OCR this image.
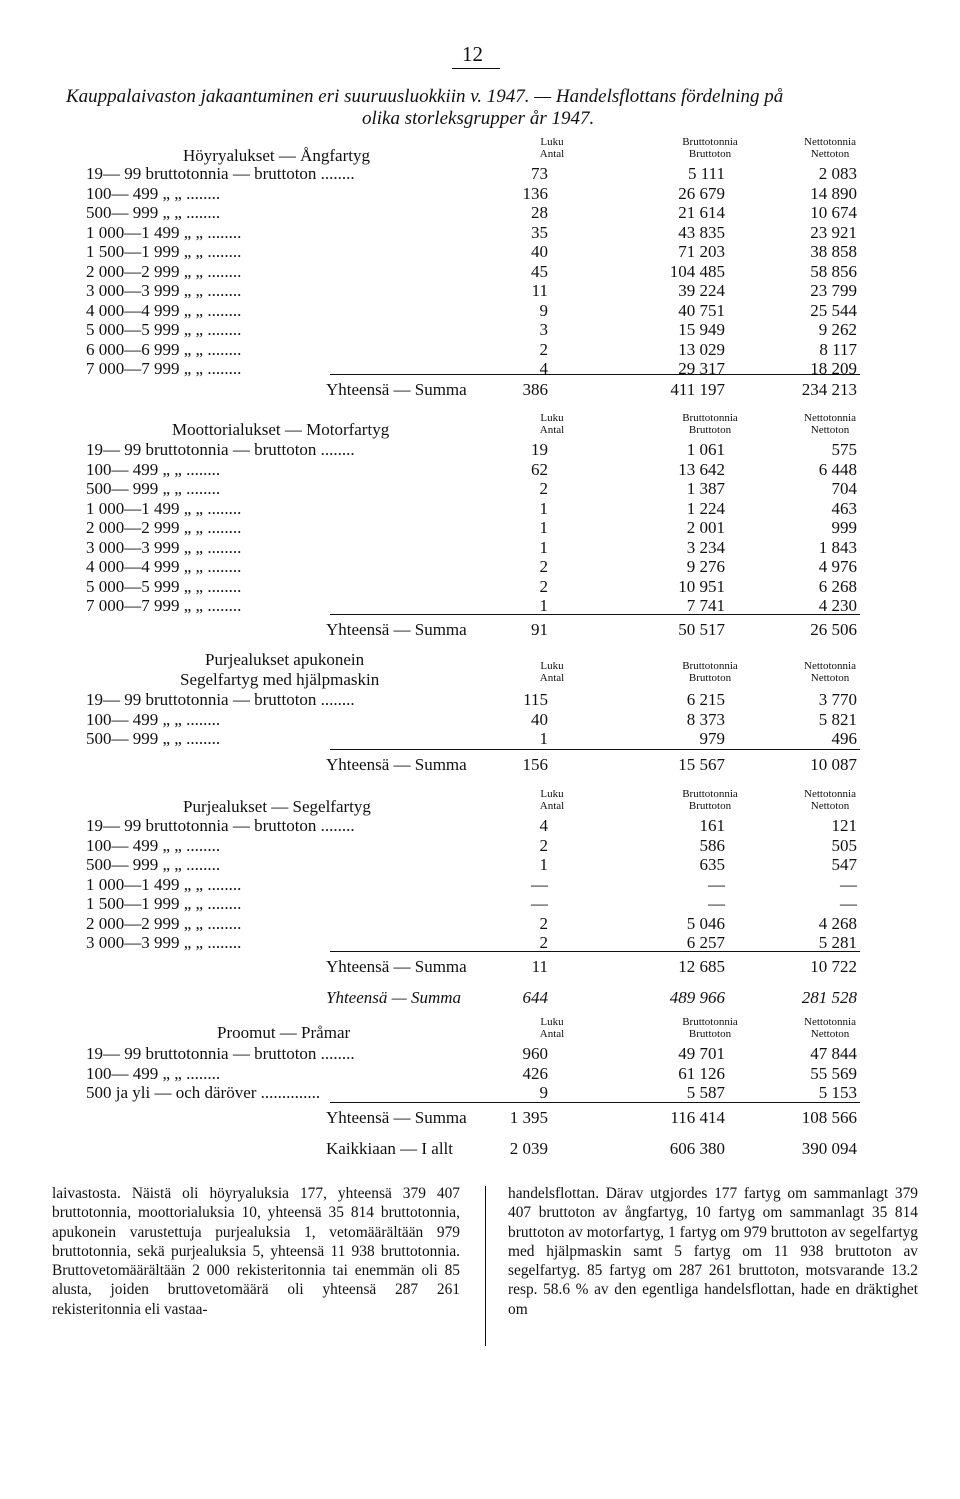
12
Kauppalaivaston jakaantuminen eri suuruusluokkiin v. 1947. — Handelsflottans fördelning på
olika storleksgrupper år 1947.
Luku
Antal
Bruttotonnia
Bruttoton
Nettotonnia
Nettoton
Höyryalukset — Ångfartyg
19— 99 bruttotonnia — bruttoton ........	73	5 111	2 083
100— 499 „ „ ........	136	26 679	14 890
500— 999 „ „ ........	28	21 614	10 674
1 000—1 499 „ „ ........	35	43 835	23 921
1 500—1 999 „ „ ........	40	71 203	38 858
2 000—2 999 „ „ ........	45	104 485	58 856
3 000—3 999 „ „ ........	11	39 224	23 799
4 000—4 999 „ „ ........	9	40 751	25 544
5 000—5 999 „ „ ........	3	15 949	9 262
6 000—6 999 „ „ ........	2	13 029	8 117
7 000—7 999 „ „ ........	4	29 317	18 209
Yhteensä — Summa	386	411 197	234 213
Luku
Antal
Bruttotonnia
Bruttoton
Nettotonnia
Nettoton
Moottorialukset — Motorfartyg
19— 99 bruttotonnia — bruttoton ........	19	1 061	575
100— 499 „ „ ........	62	13 642	6 448
500— 999 „ „ ........	2	1 387	704
1 000—1 499 „ „ ........	1	1 224	463
2 000—2 999 „ „ ........	1	2 001	999
3 000—3 999 „ „ ........	1	3 234	1 843
4 000—4 999 „ „ ........	2	9 276	4 976
5 000—5 999 „ „ ........	2	10 951	6 268
7 000—7 999 „ „ ........	1	7 741	4 230
Yhteensä — Summa	91	50 517	26 506
Luku
Antal
Bruttotonnia
Bruttoton
Nettotonnia
Nettoton
Purjealukset apukonein
Segelfartyg med hjälpmaskin
19— 99 bruttotonnia — bruttoton ........	115	6 215	3 770
100— 499 „ „ ........	40	8 373	5 821
500— 999 „ „ ........	1	979	496
Yhteensä — Summa	156	15 567	10 087
Luku
Antal
Bruttotonnia
Bruttoton
Nettotonnia
Nettoton
Purjealukset — Segelfartyg
19— 99 bruttotonnia — bruttoton ........	4	161	121
100— 499 „ „ ........	2	586	505
500— 999 „ „ ........	1	635	547
1 000—1 499 „ „ ........	—	—	—
1 500—1 999 „ „ ........	—	—	—
2 000—2 999 „ „ ........	2	5 046	4 268
3 000—3 999 „ „ ........	2	6 257	5 281
Yhteensä — Summa	11	12 685	10 722
Yhteensä — Summa	644	489 966	281 528
Luku
Antal
Bruttotonnia
Bruttoton
Nettotonnia
Nettoton
Proomut — Pråmar
19— 99 bruttotonnia — bruttoton ........	960	49 701	47 844
100— 499 „ „ ........	426	61 126	55 569
500 ja yli — och däröver ..............	9	5 587	5 153
Yhteensä — Summa	1 395	116 414	108 566
Kaikkiaan — I allt	2 039	606 380	390 094
laivastosta. Näistä oli höyryaluksia 177, yhteensä 379 407 bruttotonnia, moottorialuksia 10, yhteensä 35 814 bruttotonnia, apukonein varustettuja purjealuksia 1, vetomäärältään 979 bruttotonnia, sekä purjealuksia 5, yhteensä 11 938 bruttotonnia. Bruttovetomäärältään 2 000 rekisteritonnia tai enemmän oli 85 alusta, joiden bruttovetomäärä oli yhteensä 287 261 rekisteritonnia eli vastaa-
handelsflottan. Därav utgjordes 177 fartyg om sammanlagt 379 407 bruttoton av ångfartyg, 10 fartyg om sammanlagt 35 814 bruttoton av motorfartyg, 1 fartyg om 979 bruttoton av segelfartyg med hjälpmaskin samt 5 fartyg om 11 938 bruttoton av segelfartyg. 85 fartyg om 287 261 bruttoton, motsvarande 13.2 resp. 58.6 % av den egentliga handelsflottan, hade en dräktighet om
